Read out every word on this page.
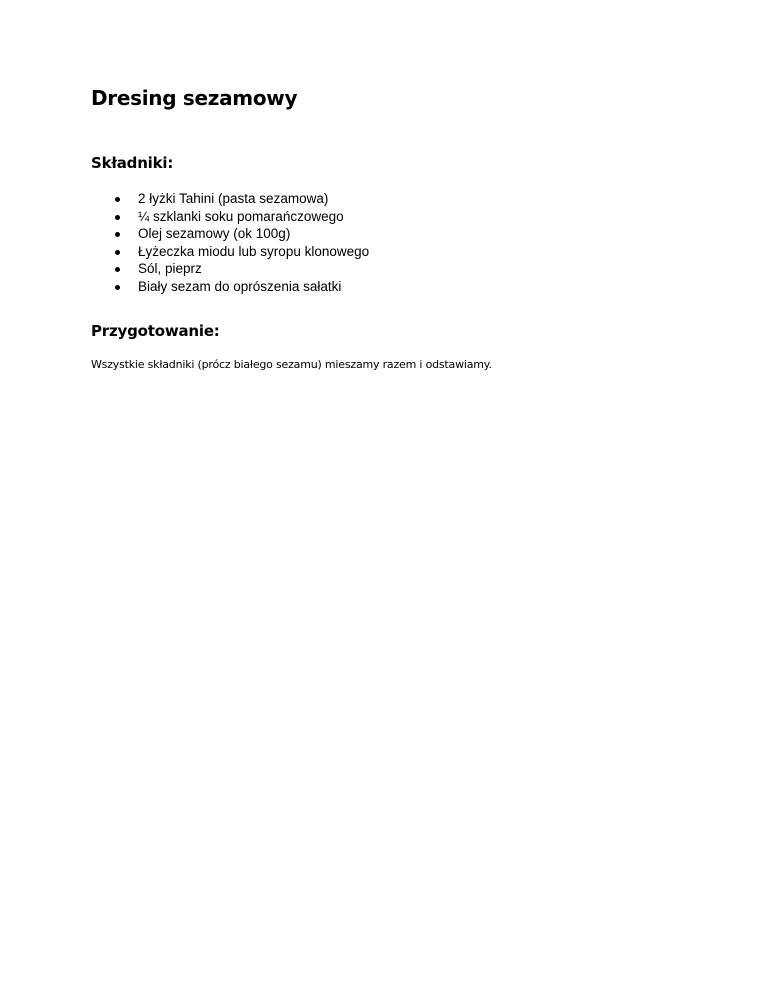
Dresing sezamowy
Składniki:
2 łyżki Tahini (pasta sezamowa)
¼ szklanki soku pomarańczowego
Olej sezamowy (ok 100g)
Łyżeczka miodu lub syropu klonowego
Sól, pieprz
Biały sezam do oprószenia sałatki
Przygotowanie:

Wszystkie składniki (prócz białego sezamu) mieszamy razem i odstawiamy.
